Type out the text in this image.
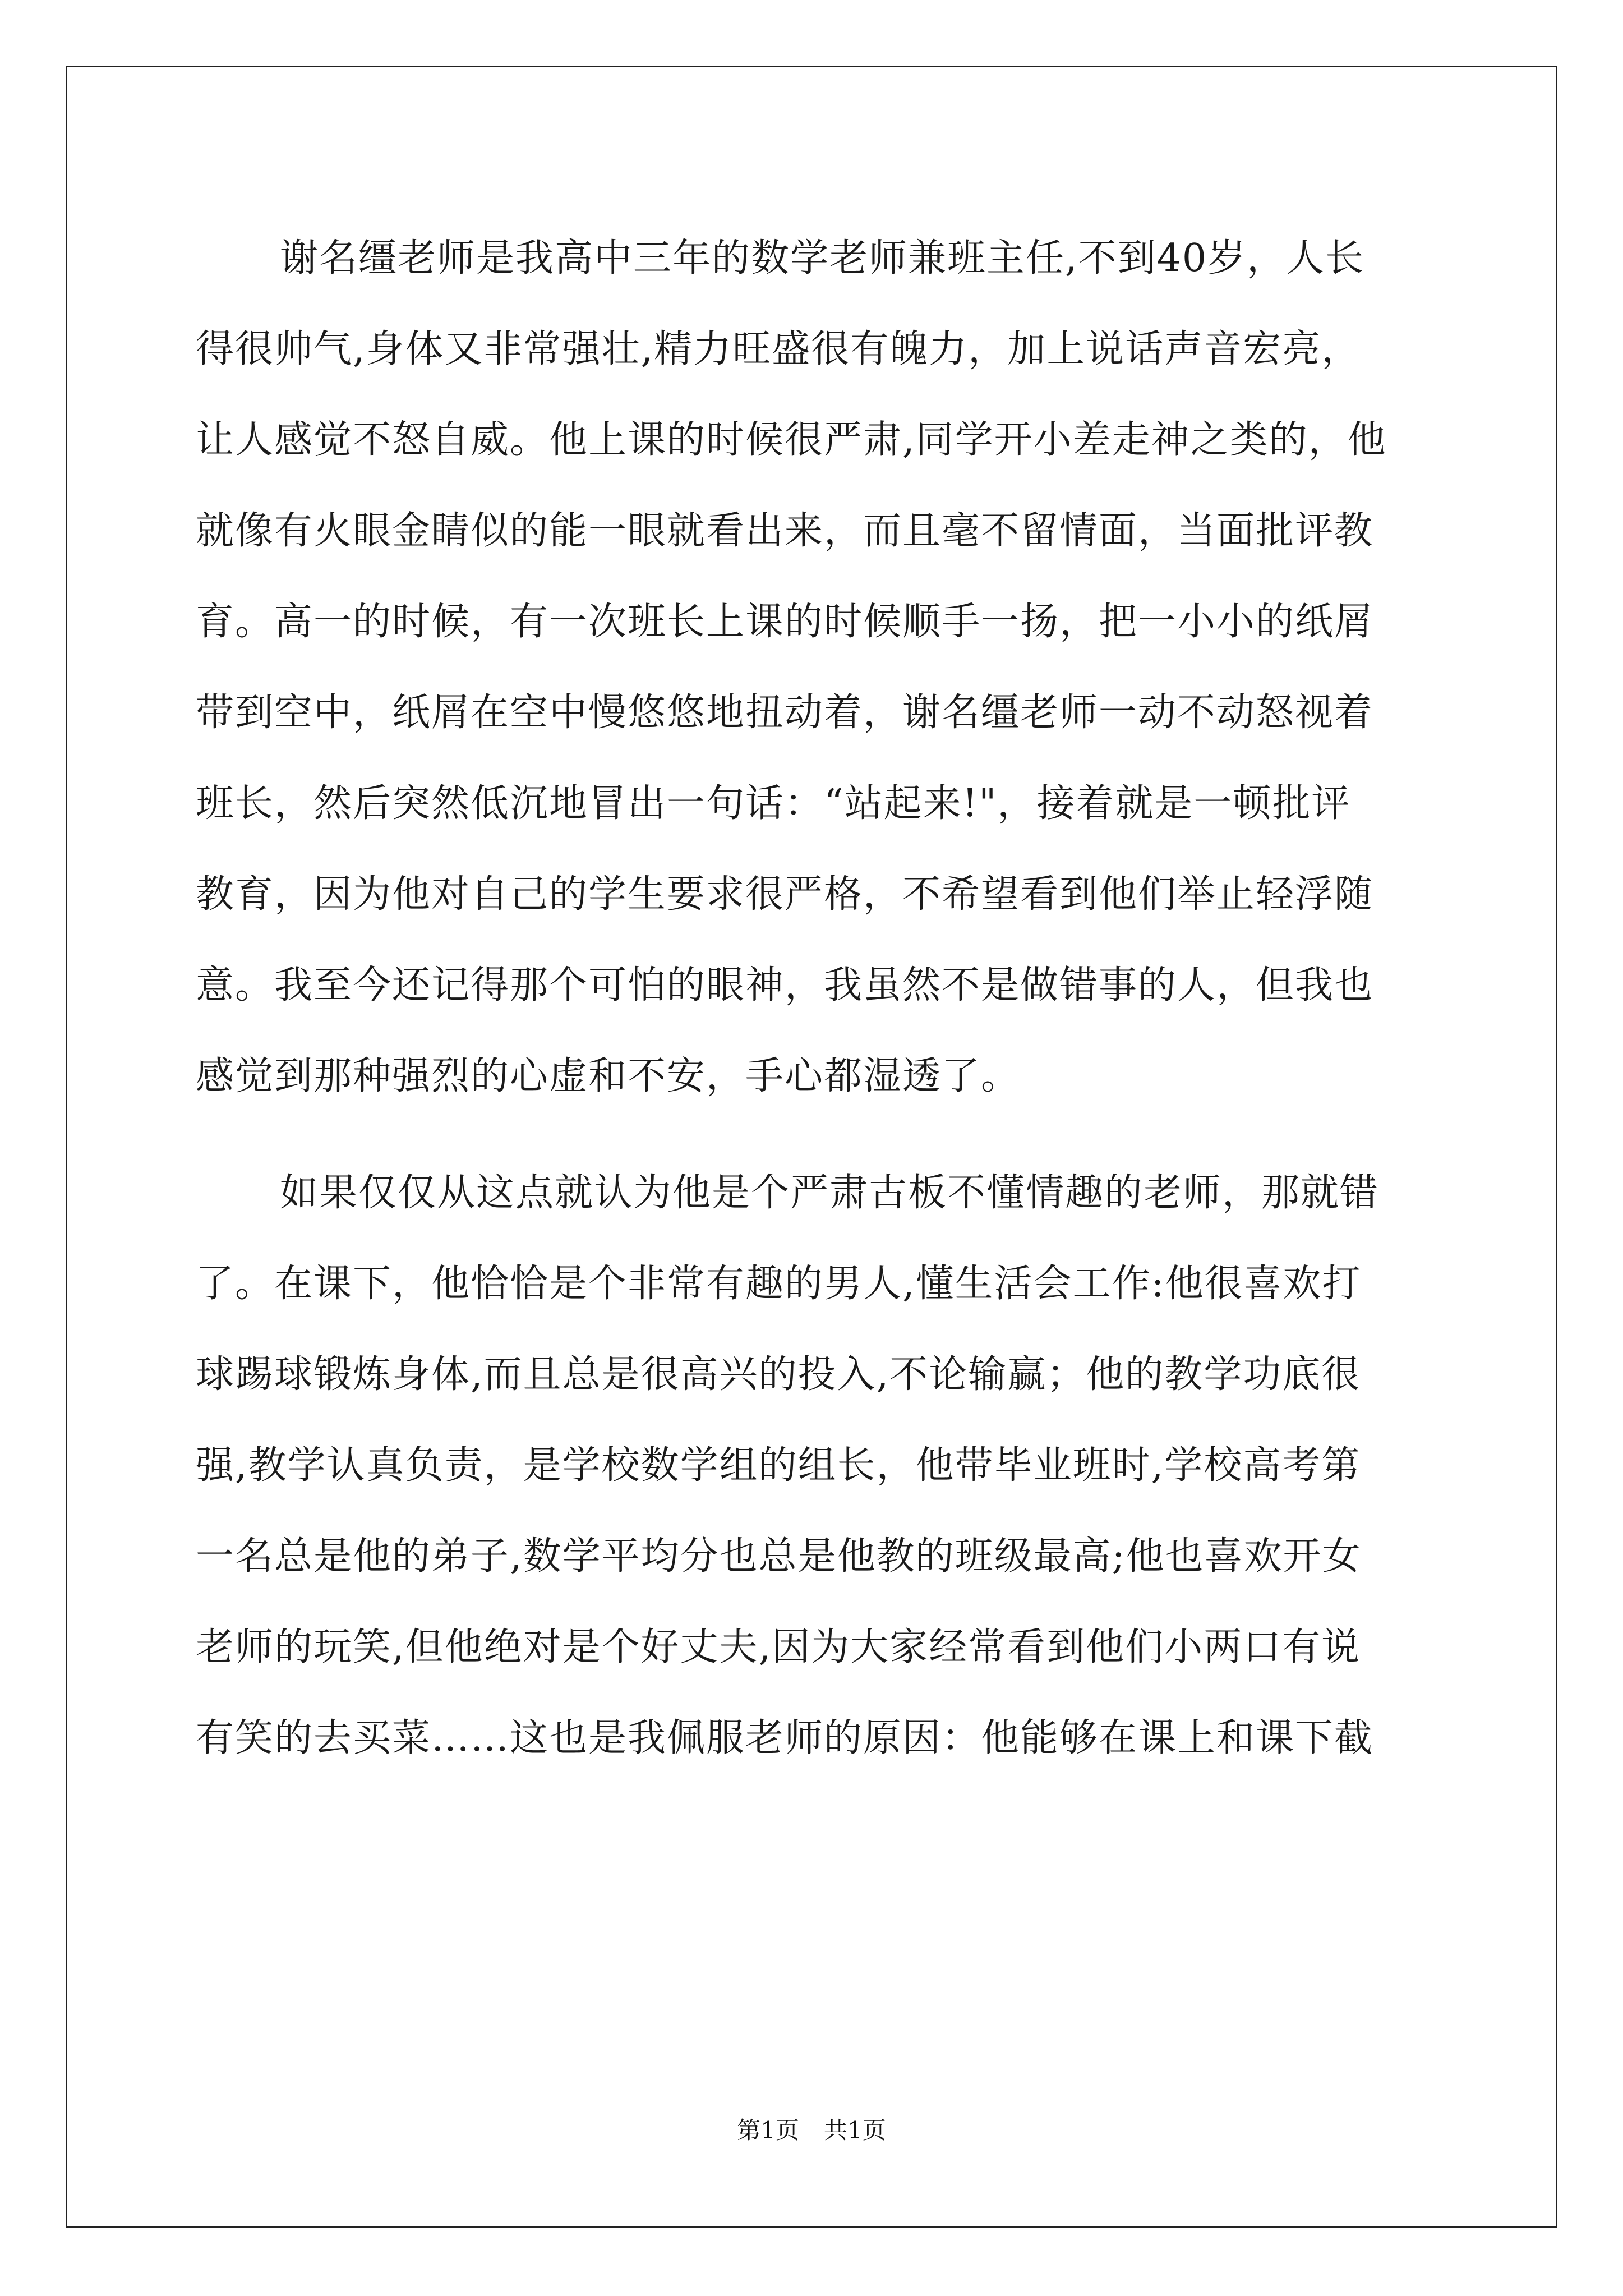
谢名缰老师是我高中三年的数学老师兼班主任,不到40岁，人长
得很帅气,身体又非常强壮,精力旺盛很有魄力，加上说话声音宏亮，
让人感觉不怒自威。他上课的时候很严肃,同学开小差走神之类的，他
就像有火眼金睛似的能一眼就看出来，而且毫不留情面，当面批评教
育。高一的时候，有一次班长上课的时候顺手一扬，把一小小的纸屑
带到空中，纸屑在空中慢悠悠地扭动着，谢名缰老师一动不动怒视着
班长，然后突然低沉地冒出一句话：“站起来!"，接着就是一顿批评
教育，因为他对自己的学生要求很严格，不希望看到他们举止轻浮随
意。我至今还记得那个可怕的眼神，我虽然不是做错事的人，但我也
感觉到那种强烈的心虚和不安，手心都湿透了。
如果仅仅从这点就认为他是个严肃古板不懂情趣的老师，那就错
了。在课下，他恰恰是个非常有趣的男人,懂生活会工作:他很喜欢打
球踢球锻炼身体,而且总是很高兴的投入,不论输赢；他的教学功底很
强,教学认真负责，是学校数学组的组长，他带毕业班时,学校高考第
一名总是他的弟子,数学平均分也总是他教的班级最高;他也喜欢开女
老师的玩笑,但他绝对是个好丈夫,因为大家经常看到他们小两口有说
有笑的去买菜……这也是我佩服老师的原因：他能够在课上和课下截
第1页 共1页
